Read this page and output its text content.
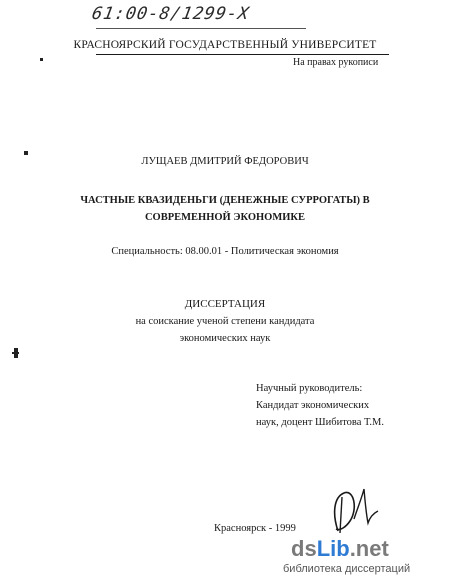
61:00-8/1299-X
КРАСНОЯРСКИЙ ГОСУДАРСТВЕННЫЙ УНИВЕРСИТЕТ
На правах рукописи
ЛУЩАЕВ ДМИТРИЙ ФЕДОРОВИЧ
ЧАСТНЫЕ КВАЗИДЕНЬГИ (ДЕНЕЖНЫЕ СУРРОГАТЫ) В
СОВРЕМЕННОЙ ЭКОНОМИКЕ
Специальность: 08.00.01 - Политическая экономия
ДИССЕРТАЦИЯ
на соискание ученой степени кандидата
экономических наук
Научный руководитель:
Кандидат экономических
наук, доцент Шибитова Т.М.
Красноярск - 1999
dsLib.net
библиотека диссертаций
